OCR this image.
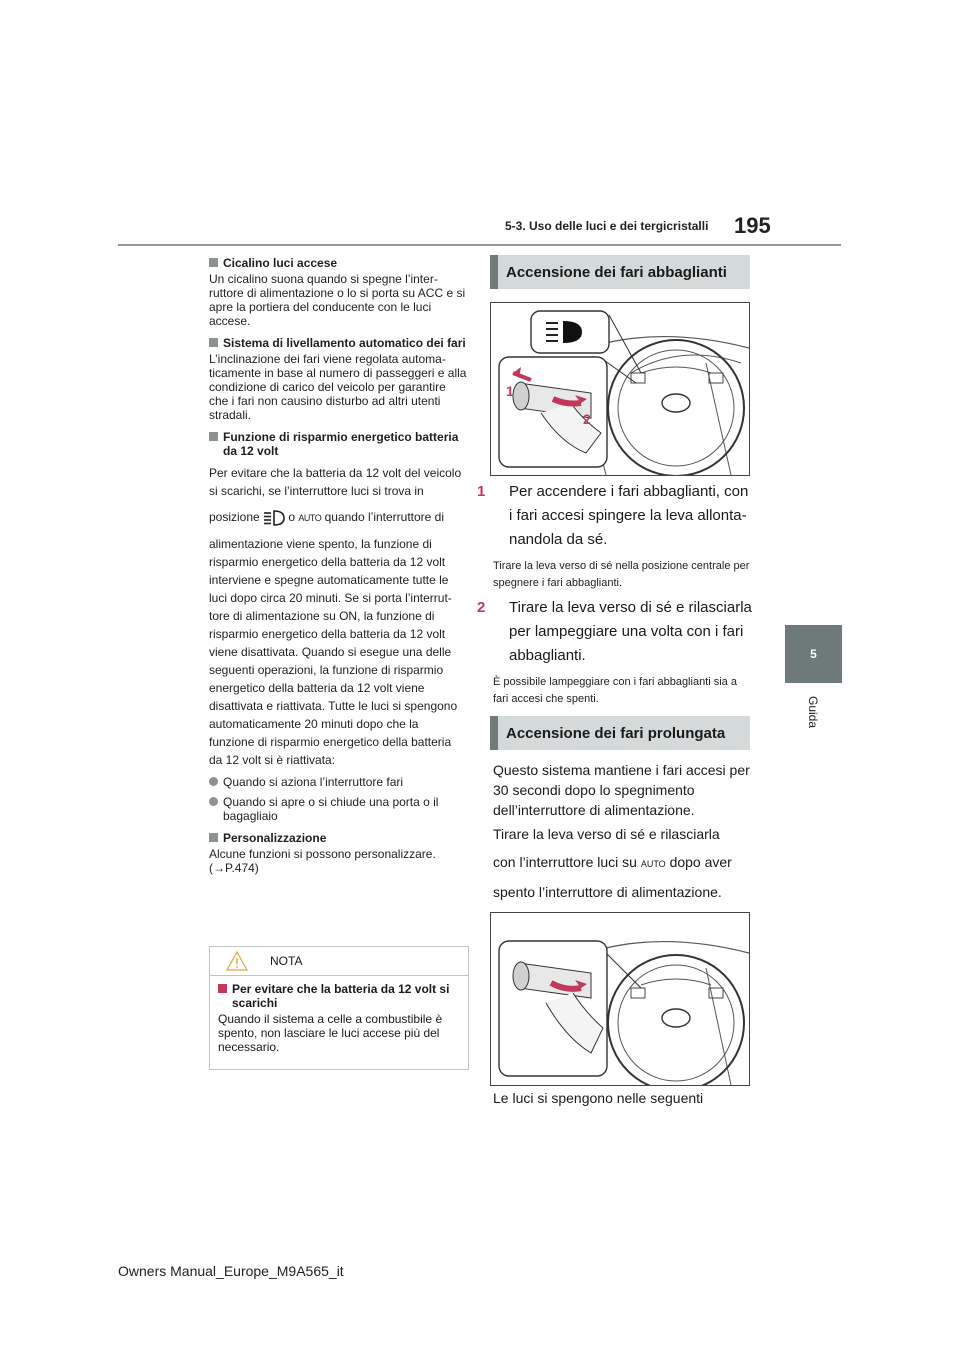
5-3. Uso delle luci e dei tergicristalli 195
5
Guida
Cicalino luci accese
Un cicalino suona quando si spegne l’interruttore di alimentazione o lo si porta su ACC e si apre la portiera del conducente con le luci accese.
Sistema di livellamento automatico dei fari
L’inclinazione dei fari viene regolata automaticamente in base al numero di passeggeri e alla condizione di carico del veicolo per garantire che i fari non causino disturbo ad altri utenti stradali.
Funzione di risparmio energetico batteria da 12 volt
Per evitare che la batteria da 12 volt del veicolo si scarichi, se l’interruttore luci si trova in
posizione o AUTO quando l’interruttore di
alimentazione viene spento, la funzione di risparmio energetico della batteria da 12 volt interviene e spegne automaticamente tutte le luci dopo circa 20 minuti. Se si porta l’interruttore di alimentazione su ON, la funzione di risparmio energetico della batteria da 12 volt viene disattivata. Quando si esegue una delle seguenti operazioni, la funzione di risparmio energetico della batteria da 12 volt viene disattivata e riattivata. Tutte le luci si spengono automaticamente 20 minuti dopo che la funzione di risparmio energetico della batteria da 12 volt si è riattivata:
Quando si aziona l’interruttore fari
Quando si apre o si chiude una porta o il bagagliaio
Personalizzazione
Alcune funzioni si possono personalizzare. (→P.474)
NOTA
Per evitare che la batteria da 12 volt si scarichi
Quando il sistema a celle a combustibile è spento, non lasciare le luci accese più del necessario.
Accensione dei fari abbaglianti
1
2
1 Per accendere i fari abbaglianti, con i fari accesi spingere la leva allontanandola da sé.
Tirare la leva verso di sé nella posizione centrale per spegnere i fari abbaglianti.
2 Tirare la leva verso di sé e rilasciarla per lampeggiare una volta con i fari abbaglianti.
È possibile lampeggiare con i fari abbaglianti sia a fari accesi che spenti.
Accensione dei fari prolungata
Questo sistema mantiene i fari accesi per 30 secondi dopo lo spegnimento dell’interruttore di alimentazione.
Tirare la leva verso di sé e rilasciarla
con l’interruttore luci su AUTO dopo aver
spento l’interruttore di alimentazione.
Le luci si spengono nelle seguenti
Owners Manual_Europe_M9A565_it
